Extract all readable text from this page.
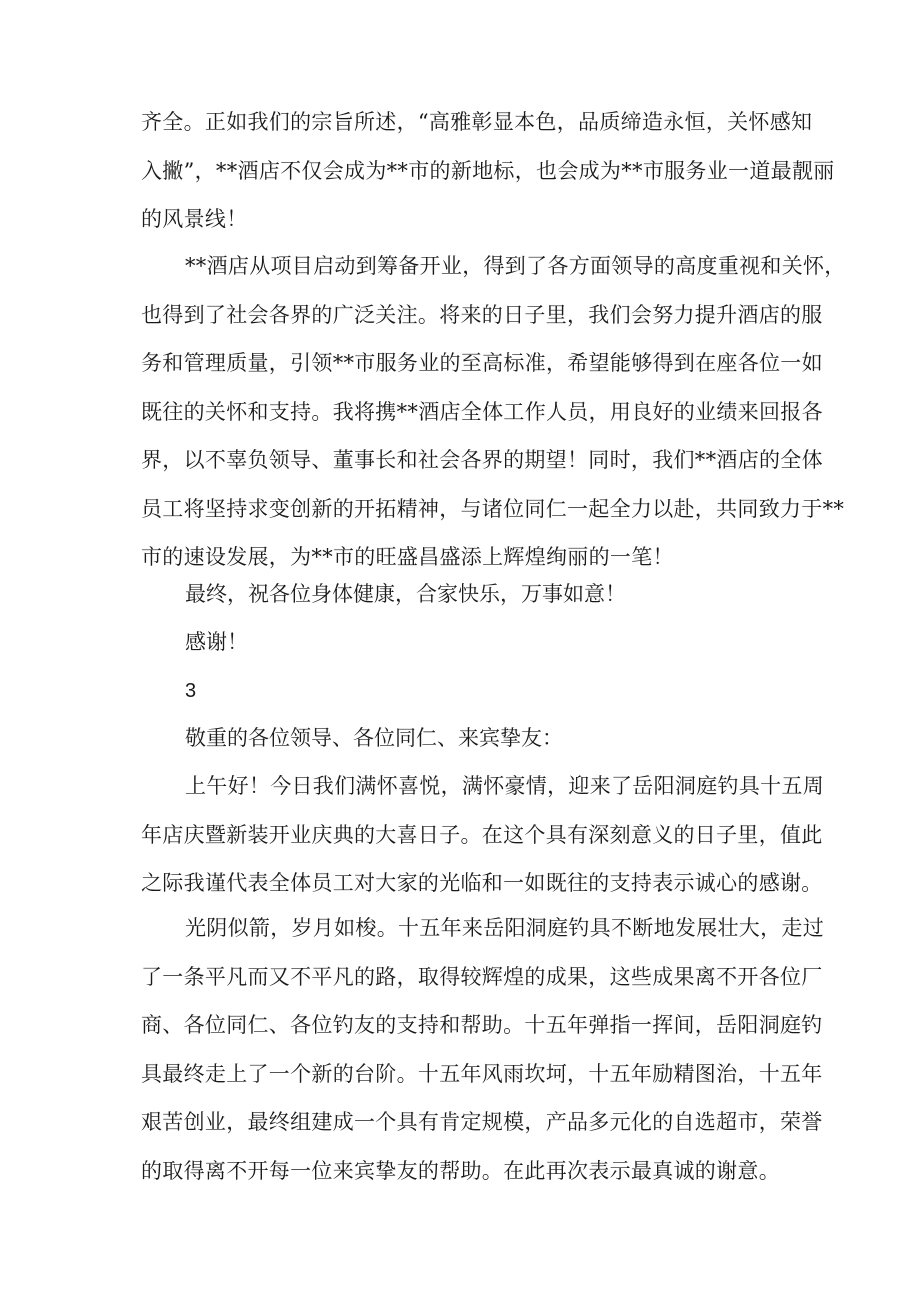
齐全。正如我们的宗旨所述，“高雅彰显本色，品质缔造永恒，关怀感知
入撇”，**酒店不仅会成为**市的新地标，也会成为**市服务业一道最靓丽
的风景线！
**酒店从项目启动到筹备开业，得到了各方面领导的高度重视和关怀，
也得到了社会各界的广泛关注。将来的日子里，我们会努力提升酒店的服
务和管理质量，引领**市服务业的至高标准，希望能够得到在座各位一如
既往的关怀和支持。我将携**酒店全体工作人员，用良好的业绩来回报各
界，以不辜负领导、董事长和社会各界的期望！同时，我们**酒店的全体
员工将坚持求变创新的开拓精神，与诸位同仁一起全力以赴，共同致力于**
市的速设发展，为**市的旺盛昌盛添上辉煌绚丽的一笔！

最终，祝各位身体健康，合家快乐，万事如意！

感谢！

3

敬重的各位领导、各位同仁、来宾挚友：

上午好！今日我们满怀喜悦，满怀豪情，迎来了岳阳洞庭钓具十五周
年店庆暨新装开业庆典的大喜日子。在这个具有深刻意义的日子里，值此
之际我谨代表全体员工对大家的光临和一如既往的支持表示诚心的感谢。
光阴似箭，岁月如梭。十五年来岳阳洞庭钓具不断地发展壮大，走过
了一条平凡而又不平凡的路，取得较辉煌的成果，这些成果离不开各位厂
商、各位同仁、各位钓友的支持和帮助。十五年弹指一挥间，岳阳洞庭钓
具最终走上了一个新的台阶。十五年风雨坎坷，十五年励精图治，十五年
艰苦创业，最终组建成一个具有肯定规模，产品多元化的自选超市，荣誉
的取得离不开每一位来宾挚友的帮助。在此再次表示最真诚的谢意。
